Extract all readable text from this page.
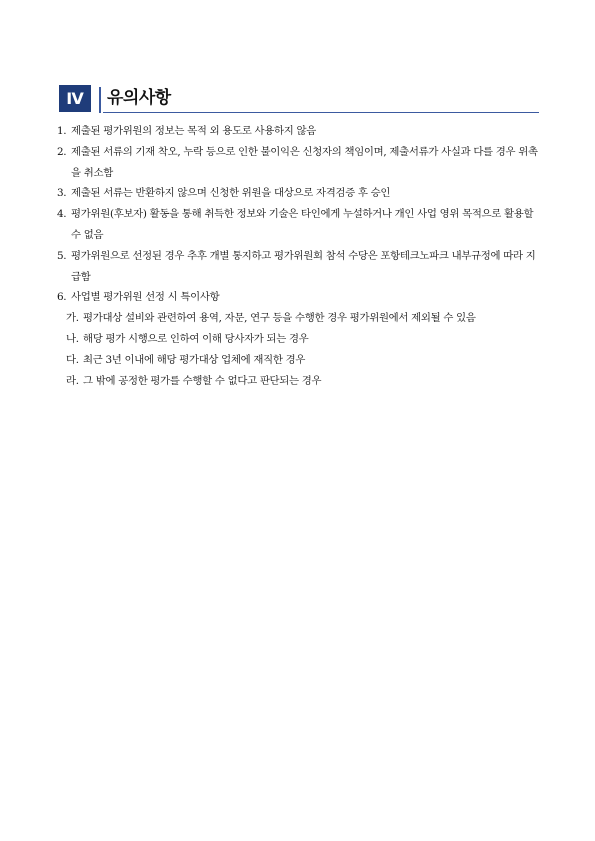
Ⅳ	유의사항
1. 제출된 평가위원의 정보는 목적 외 용도로 사용하지 않음
2. 제출된 서류의 기재 착오, 누락 등으로 인한 불이익은 신청자의 책임이며, 제출서류가 사실과 다를 경우 위촉을 취소함
3. 제출된 서류는 반환하지 않으며 신청한 위원을 대상으로 자격검증 후 승인
4. 평가위원(후보자) 활동을 통해 취득한 정보와 기술은 타인에게 누설하거나 개인 사업 영위 목적으로 활용할 수 없음
5. 평가위원으로 선정된 경우 추후 개별 통지하고 평가위원회 참석 수당은 포항테크노파크 내부규정에 따라 지급함
6. 사업별 평가위원 선정 시 특이사항
가. 평가대상 설비와 관련하여 용역, 자문, 연구 등을 수행한 경우 평가위원에서 제외될 수 있음
나. 해당 평가 시행으로 인하여 이해 당사자가 되는 경우
다. 최근 3년 이내에 해당 평가대상 업체에 재직한 경우
라. 그 밖에 공정한 평가를 수행할 수 없다고 판단되는 경우
